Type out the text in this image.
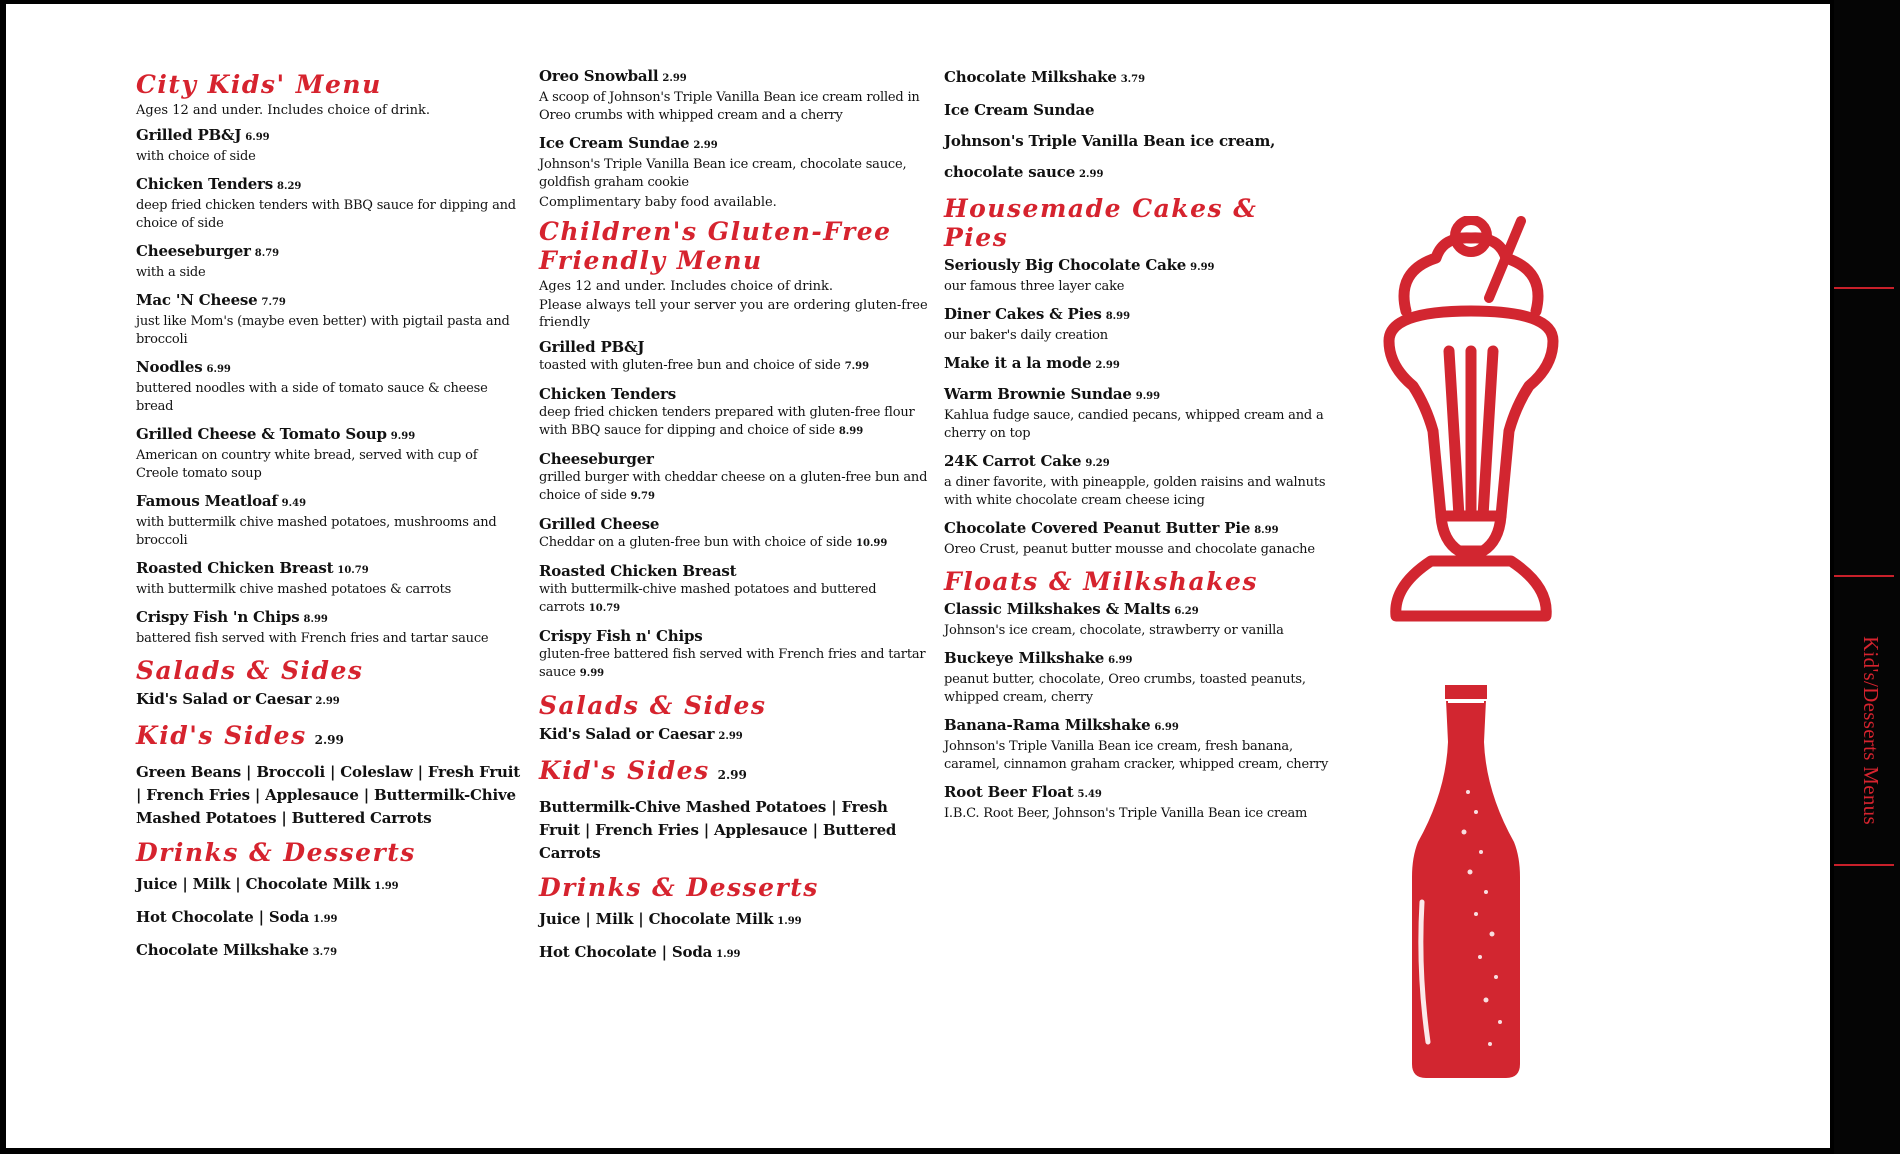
City Kids' Menu
Ages 12 and under. Includes choice of drink.
Grilled PB&J 6.99
with choice of side
Chicken Tenders 8.29
deep fried chicken tenders with BBQ sauce for dipping and choice of side
Cheeseburger 8.79
with a side
Mac 'N Cheese 7.79
just like Mom's (maybe even better) with pigtail pasta and broccoli
Noodles 6.99
buttered noodles with a side of tomato sauce & cheese bread
Grilled Cheese & Tomato Soup 9.99
American on country white bread, served with cup of Creole tomato soup
Famous Meatloaf 9.49
with buttermilk chive mashed potatoes, mushrooms and broccoli
Roasted Chicken Breast 10.79
with buttermilk chive mashed potatoes & carrots
Crispy Fish 'n Chips 8.99
battered fish served with French fries and tartar sauce
Salads & Sides
Kid's Salad or Caesar 2.99
Kid's Sides 2.99
Green Beans | Broccoli | Coleslaw | Fresh Fruit | French Fries | Applesauce | Buttermilk-Chive Mashed Potatoes | Buttered Carrots
Drinks & Desserts
Juice | Milk | Chocolate Milk 1.99
Hot Chocolate | Soda 1.99
Chocolate Milkshake 3.79
Oreo Snowball 2.99
A scoop of Johnson's Triple Vanilla Bean ice cream rolled in Oreo crumbs with whipped cream and a cherry
Ice Cream Sundae 2.99
Johnson's Triple Vanilla Bean ice cream, chocolate sauce, goldfish graham cookie
Complimentary baby food available.
Children's Gluten-Free Friendly Menu
Ages 12 and under. Includes choice of drink.
Please always tell your server you are ordering gluten-free friendly
Grilled PB&J
toasted with gluten-free bun and choice of side 7.99
Chicken Tenders
deep fried chicken tenders prepared with gluten-free flour with BBQ sauce for dipping and choice of side 8.99
Cheeseburger
grilled burger with cheddar cheese on a gluten-free bun and choice of side 9.79
Grilled Cheese
Cheddar on a gluten-free bun with choice of side 10.99
Roasted Chicken Breast
with buttermilk-chive mashed potatoes and buttered carrots 10.79
Crispy Fish n' Chips
gluten-free battered fish served with French fries and tartar sauce 9.99
Salads & Sides
Kid's Salad or Caesar 2.99
Kid's Sides 2.99
Buttermilk-Chive Mashed Potatoes | Fresh Fruit | French Fries | Applesauce | Buttered Carrots
Drinks & Desserts
Juice | Milk | Chocolate Milk 1.99
Hot Chocolate | Soda 1.99
Chocolate Milkshake 3.79
Ice Cream Sundae
Johnson's Triple Vanilla Bean ice cream,
chocolate sauce 2.99
Housemade Cakes & Pies
Seriously Big Chocolate Cake 9.99
our famous three layer cake
Diner Cakes & Pies 8.99
our baker's daily creation
Make it a la mode 2.99
Warm Brownie Sundae 9.99
Kahlua fudge sauce, candied pecans, whipped cream and a cherry on top
24K Carrot Cake 9.29
a diner favorite, with pineapple, golden raisins and walnuts with white chocolate cream cheese icing
Chocolate Covered Peanut Butter Pie 8.99
Oreo Crust, peanut butter mousse and chocolate ganache
Floats & Milkshakes
Classic Milkshakes & Malts 6.29
Johnson's ice cream, chocolate, strawberry or vanilla
Buckeye Milkshake 6.99
peanut butter, chocolate, Oreo crumbs, toasted peanuts, whipped cream, cherry
Banana-Rama Milkshake 6.99
Johnson's Triple Vanilla Bean ice cream, fresh banana, caramel, cinnamon graham cracker, whipped cream, cherry
Root Beer Float 5.49
I.B.C. Root Beer, Johnson's Triple Vanilla Bean ice cream	Kid's/Desserts Menus
